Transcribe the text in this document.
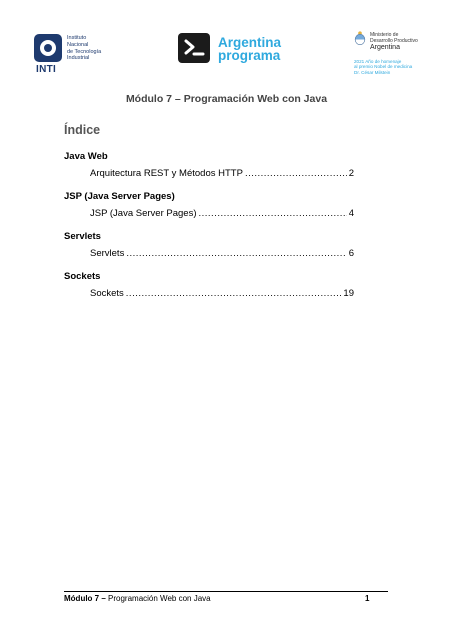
Instituto
Nacional
de Tecnología
Industrial
INTI
Argentina
programa
Ministerio de
Desarrollo Productivo
Argentina
2021 Año de homenaje
al premio Nobel de medicina
Dr. César Milstein
Módulo 7 – Programación Web con Java
Índice
Java Web
Arquitectura REST y Métodos HTTP .....	2
JSP (Java Server Pages)
JSP (Java Server Pages) .....	4
Servlets
Servlets .....	6
Sockets
Sockets .....	19
Módulo 7 – Programación Web con Java	1
